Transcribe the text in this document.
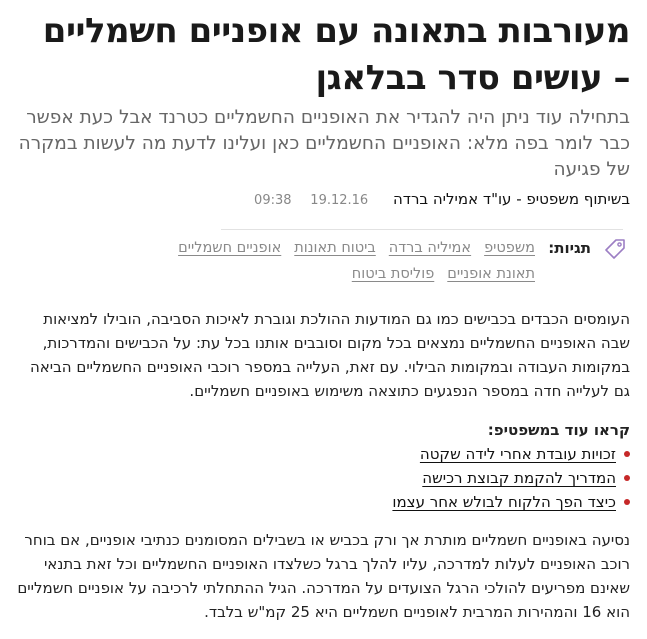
מעורבות בתאונה עם אופניים חשמליים – עושים סדר בבלאגן

בתחילה עוד ניתן היה להגדיר את האופניים החשמליים כטרנד אבל כעת אפשר כבר לומר בפה מלא: האופניים החשמליים כאן ועלינו לדעת מה לעשות במקרה של פגיעה

בשיתוף משפטיפ - עו"ד אמיליה ברדה 19.12.16 09:38
תגיות:
משפטיפ
אמיליה ברדה
ביטוח תאונות
אופניים חשמליים
תאונת אופניים
פוליסת ביטוח

העומסים הכבדים בכבישים כמו גם המודעות ההולכת וגוברת לאיכות הסביבה, הובילו למציאות שבה האופניים החשמליים נמצאים בכל מקום וסובבים אותנו בכל עת: על הכבישים והמדרכות, במקומות העבודה ובמקומות הבילוי. עם זאת, העלייה במספר רוכבי האופניים החשמליים הביאה גם לעלייה חדה במספר הנפגעים כתוצאה משימוש באופניים חשמליים.

קראו עוד במשפטיפ:
זכויות עובדת אחרי לידה שקטה
המדריך להקמת קבוצת רכישה
כיצד הפך הלקוח לבולש אחר עצמו

נסיעה באופניים חשמליים מותרת אך ורק בכביש או בשבילים המסומנים כנתיבי אופניים, אם בוחר רוכב האופניים לעלות למדרכה, עליו להלך ברגל כשלצדו האופניים החשמליים וכל זאת בתנאי שאינם מפריעים להולכי הרגל הצועדים על המדרכה. הגיל ההתחלתי לרכיבה על אופניים חשמליים הוא 16 והמהירות המרבית לאופניים חשמליים היא 25 קמ"ש בלבד.
